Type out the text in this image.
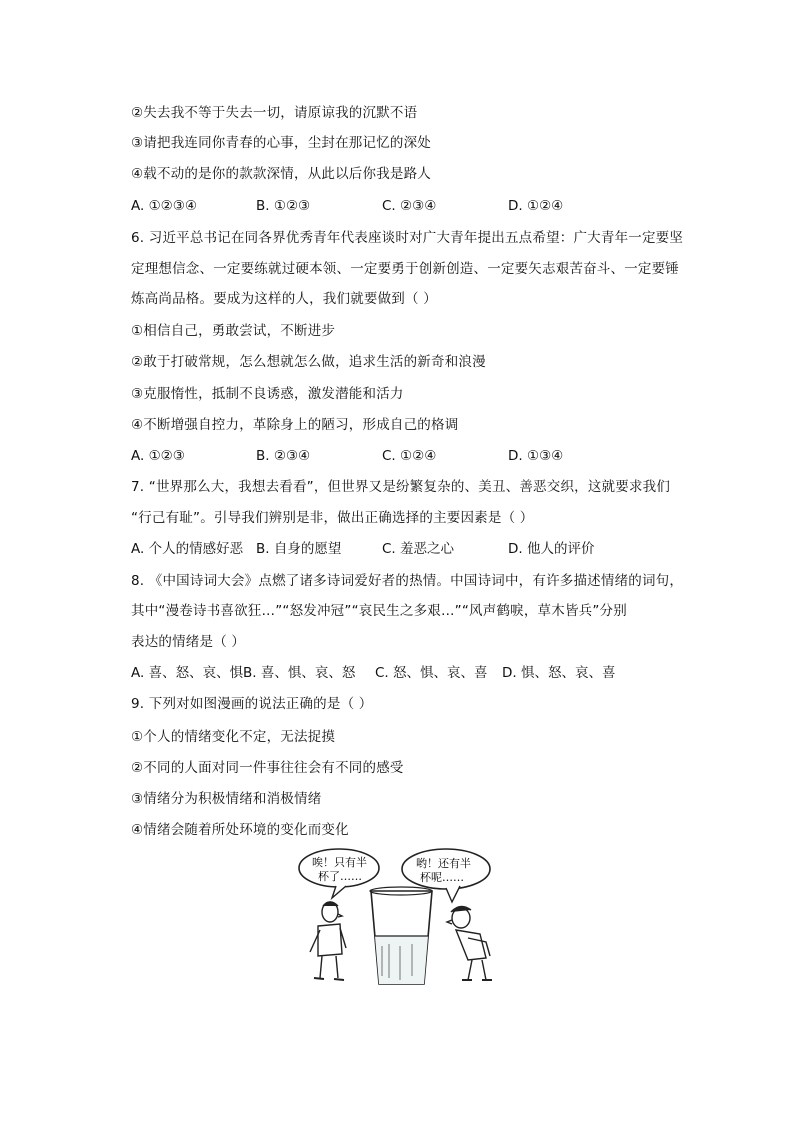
②失去我不等于失去一切，请原谅我的沉默不语
③请把我连同你青春的心事，尘封在那记忆的深处
④载不动的是你的款款深情，从此以后你我是路人
A. ①②③④	B. ①②③	C. ②③④	D. ①②④
6. 习近平总书记在同各界优秀青年代表座谈时对广大青年提出五点希望：广大青年一定要坚
定理想信念、一定要练就过硬本领、一定要勇于创新创造、一定要矢志艰苦奋斗、一定要锤
炼高尚品格。要成为这样的人，我们就要做到（ ）
①相信自己，勇敢尝试，不断进步
②敢于打破常规，怎么想就怎么做，追求生活的新奇和浪漫
③克服惰性，抵制不良诱惑，激发潜能和活力
④不断增强自控力，革除身上的陋习，形成自己的格调
A. ①②③	B. ②③④	C. ①②④	D. ①③④
7. “世界那么大，我想去看看”，但世界又是纷繁复杂的、美丑、善恶交织，这就要求我们
“行己有耻”。引导我们辨别是非，做出正确选择的主要因素是（ ）
A. 个人的情感好恶 B. 自身的愿望	C. 羞恶之心	D. 他人的评价
8. 《中国诗词大会》点燃了诸多诗词爱好者的热情。中国诗词中，有许多描述情绪的词句，
其中“漫卷诗书喜欲狂…”“怒发冲冠”“哀民生之多艰…”“风声鹤唳，草木皆兵”分别
表达的情绪是（ ）
A. 喜、怒、哀、惧 B. 喜、惧、哀、怒 C. 怒、惧、哀、喜 D. 惧、怒、哀、喜
9. 下列对如图漫画的说法正确的是（ ）
①个人的情绪变化不定，无法捉摸
②不同的人面对同一件事往往会有不同的感受
③情绪分为积极情绪和消极情绪
④情绪会随着所处环境的变化而变化
唉！只有半
杯了……
哟！还有半
杯呢……
